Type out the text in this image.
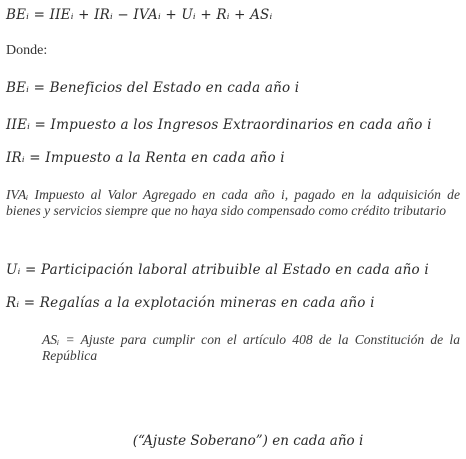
BEᵢ = IIEᵢ + IRᵢ − IVAᵢ + Uᵢ + Rᵢ + ASᵢ
Donde:
BEᵢ = Beneficios del Estado en cada año i
IIEᵢ = Impuesto a los Ingresos Extraordinarios en cada año i
IRᵢ = Impuesto a la Renta en cada año i
IVAᵢ Impuesto al Valor Agregado en cada año i, pagado en la adquisición de bienes y servicios siempre que no haya sido compensado como crédito tributario
Uᵢ = Participación laboral atribuible al Estado en cada año i
Rᵢ = Regalías a la explotación mineras en cada año i
ASᵢ = Ajuste para cumplir con el artículo 408 de la Constitución de la República
(“Ajuste Soberano”) en cada año i
